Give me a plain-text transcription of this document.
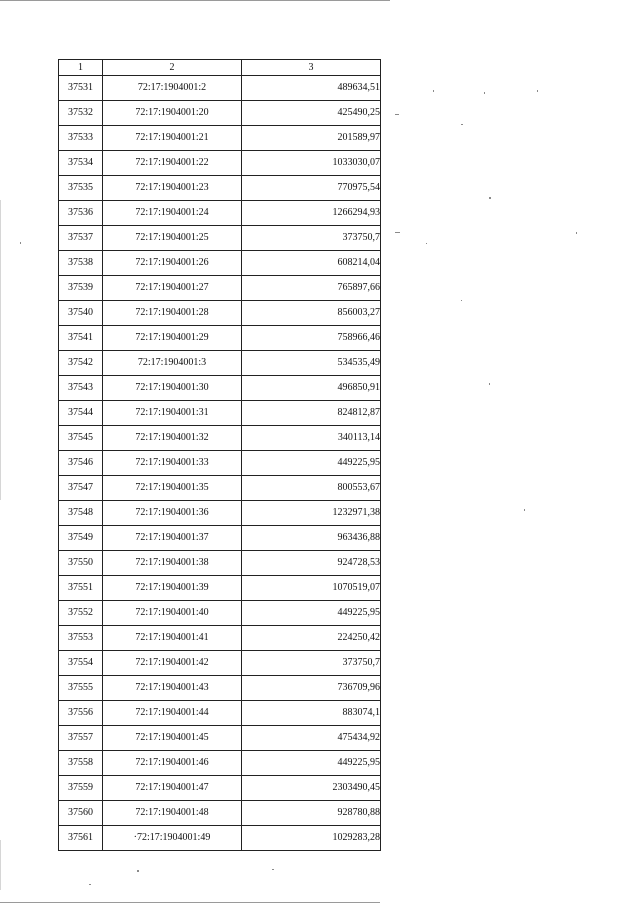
1	2	3
37531	72:17:1904001:2	489634,51
37532	72:17:1904001:20	425490,25
37533	72:17:1904001:21	201589,97
37534	72:17:1904001:22	1033030,07
37535	72:17:1904001:23	770975,54
37536	72:17:1904001:24	1266294,93
37537	72:17:1904001:25	373750,7
37538	72:17:1904001:26	608214,04
37539	72:17:1904001:27	765897,66
37540	72:17:1904001:28	856003,27
37541	72:17:1904001:29	758966,46
37542	72:17:1904001:3	534535,49
37543	72:17:1904001:30	496850,91
37544	72:17:1904001:31	824812,87
37545	72:17:1904001:32	340113,14
37546	72:17:1904001:33	449225,95
37547	72:17:1904001:35	800553,67
37548	72:17:1904001:36	1232971,38
37549	72:17:1904001:37	963436,88
37550	72:17:1904001:38	924728,53
37551	72:17:1904001:39	1070519,07
37552	72:17:1904001:40	449225,95
37553	72:17:1904001:41	224250,42
37554	72:17:1904001:42	373750,7
37555	72:17:1904001:43	736709,96
37556	72:17:1904001:44	883074,1
37557	72:17:1904001:45	475434,92
37558	72:17:1904001:46	449225,95
37559	72:17:1904001:47	2303490,45
37560	72:17:1904001:48	928780,88
37561	·72:17:1904001:49	1029283,28
